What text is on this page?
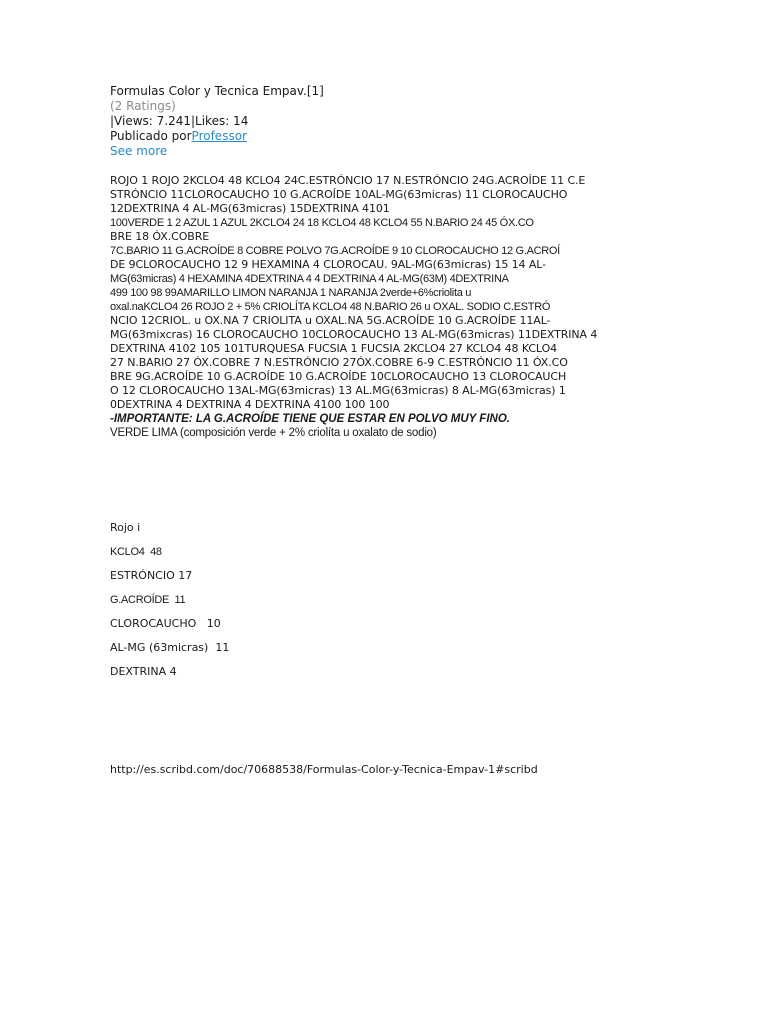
Formulas Color y Tecnica Empav.[1]

(2 Ratings)

|Views: 7.241|Likes: 14

Publicado porProfessor

See more

ROJO 1 ROJO 2KCLO4 48 KCLO4 24C.ESTRÓNCIO 17 N.ESTRÓNCIO 24G.ACROÍDE 11 C.E

STRÓNCIO 11CLOROCAUCHO 10 G.ACROÍDE 10AL-MG(63micras) 11 CLOROCAUCHO

12DEXTRINA 4 AL-MG(63micras) 15DEXTRINA 4101

100VERDE 1 2 AZUL 1 AZUL 2KCLO4 24 18 KCLO4 48 KCLO4 55 N.BARIO 24 45 ÓX.CO

BRE 18 ÓX.COBRE

7C.BARIO 11 G.ACROÍDE 8 COBRE POLVO 7G.ACROÍDE 9 10 CLOROCAUCHO 12 G.ACROÍ

DE 9CLOROCAUCHO 12 9 HEXAMINA 4 CLOROCAU. 9AL-MG(63micras) 15 14 AL-

MG(63micras) 4 HEXAMINA 4DEXTRINA 4 4 DEXTRINA 4 AL-MG(63M) 4DEXTRINA

499 100 98 99AMARILLO LIMON NARANJA 1 NARANJA 2verde+6%criolita u

oxal.naKCLO4 26 ROJO 2 + 5% CRIOLÍTA KCLO4 48 N.BARIO 26 u OXAL. SODIO C.ESTRÓ

NCIO 12CRIOL. u OX.NA 7 CRIOLITA u OXAL.NA 5G.ACROÍDE 10 G.ACROÍDE 11AL-

MG(63mixcras) 16 CLOROCAUCHO 10CLOROCAUCHO 13 AL-MG(63micras) 11DEXTRINA 4

DEXTRINA 4102 105 101TURQUESA FUCSIA 1 FUCSIA 2KCLO4 27 KCLO4 48 KCLO4

27 N.BARIO 27 ÓX.COBRE 7 N.ESTRÓNCIO 27ÓX.COBRE 6-9 C.ESTRÓNCIO 11 ÓX.CO

BRE 9G.ACROÍDE 10 G.ACROÍDE 10 G.ACROÍDE 10CLOROCAUCHO 13 CLOROCAUCH

O 12 CLOROCAUCHO 13AL-MG(63micras) 13 AL.MG(63micras) 8 AL-MG(63micras) 1

0DEXTRINA 4 DEXTRINA 4 DEXTRINA 4100 100 100

-IMPORTANTE: LA G.ACROÍDE TIENE QUE ESTAR EN POLVO MUY FINO.

VERDE LIMA (composición verde + 2% criolíta u oxalato de sodio)

Rojo i

KCLO4  48

ESTRÓNCIO 17

G.ACROÍDE  11

CLOROCAUCHO   10

AL-MG (63micras)  11

DEXTRINA 4

http://es.scribd.com/doc/70688538/Formulas-Color-y-Tecnica-Empav-1#scribd
